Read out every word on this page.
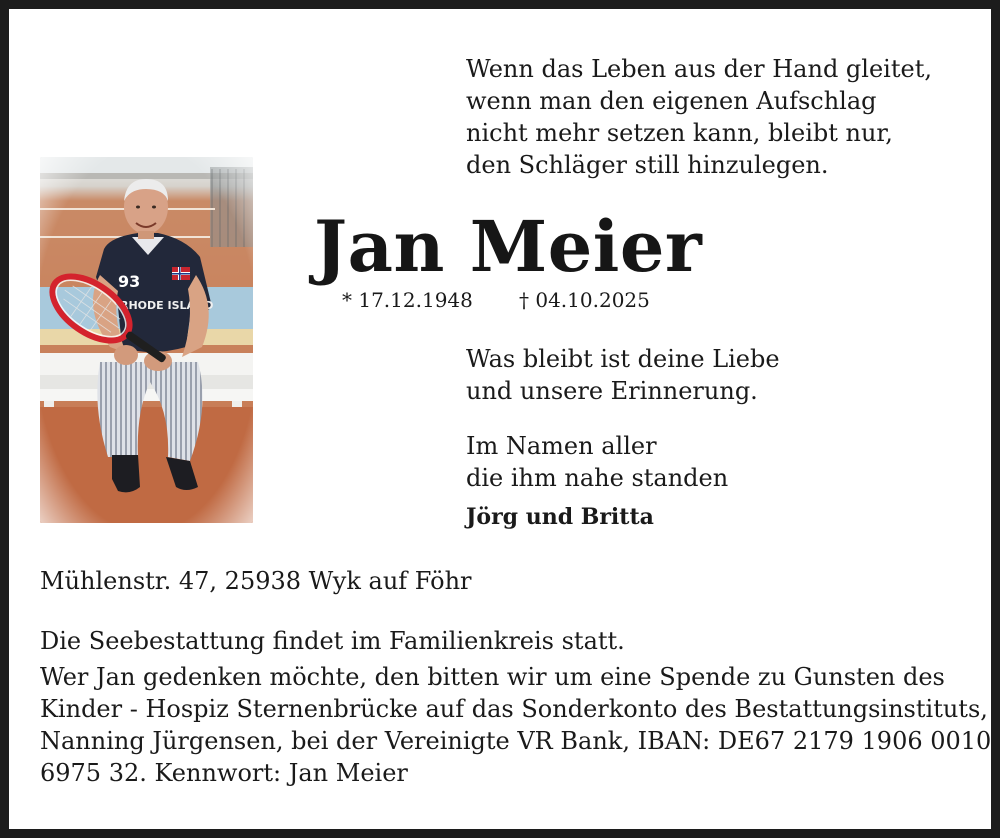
Wenn das Leben aus der Hand gleitet,
wenn man den eigenen Aufschlag
nicht mehr setzen kann, bleibt nur,
den Schläger still hinzulegen.
Jan Meier
* 17.12.1948 † 04.10.2025
Was bleibt ist deine Liebe
und unsere Erinnerung.
Im Namen aller
die ihm nahe standen
Jörg und Britta
Mühlenstr. 47, 25938 Wyk auf Föhr
Die Seebestattung findet im Familienkreis statt.
Wer Jan gedenken möchte, den bitten wir um eine Spende zu Gunsten des
Kinder - Hospiz Sternenbrücke auf das Sonderkonto des Bestattungsinstituts,
Nanning Jürgensen, bei der Vereinigte VR Bank, IBAN: DE67 2179 1906 0010
6975 32. Kennwort: Jan Meier
